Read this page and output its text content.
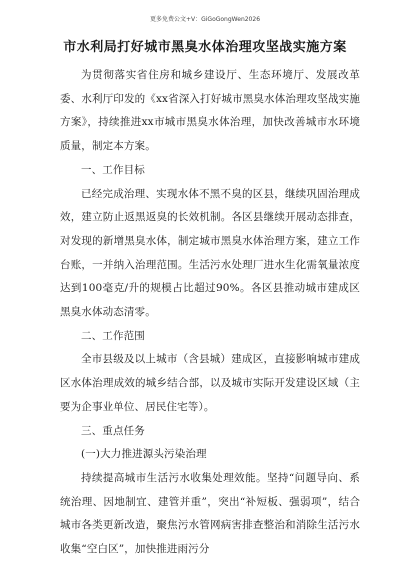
更多免费公文+V：GiGoGongWen2026
市水利局打好城市黑臭水体治理攻坚战实施方案

为贯彻落实省住房和城乡建设厅、生态环境厅、发展改革委、水利厅印发的《xx省深入打好城市黑臭水体治理攻坚战实施方案》，持续推进xx市城市黑臭水体治理，加快改善城市水环境质量，制定本方案。

一、工作目标

已经完成治理、实现水体不黑不臭的区县，继续巩固治理成效，建立防止返黑返臭的长效机制。各区县继续开展动态排查，对发现的新增黑臭水体，制定城市黑臭水体治理方案，建立工作台账，一并纳入治理范围。生活污水处理厂进水生化需氧量浓度达到100毫克/升的规模占比超过90%。各区县推动城市建成区黑臭水体动态清零。

二、工作范围

全市县级及以上城市（含县城）建成区，直接影响城市建成区水体治理成效的城乡结合部，以及城市实际开发建设区域（主要为企事业单位、居民住宅等）。

三、重点任务

(一)大力推进源头污染治理

持续提高城市生活污水收集处理效能。坚持“问题导向、系统治理、因地制宜、建管并重”，突出“补短板、强弱项”，结合城市各类更新改造，聚焦污水管网病害排查整治和消除生活污水收集“空白区”，加快推进雨污分
